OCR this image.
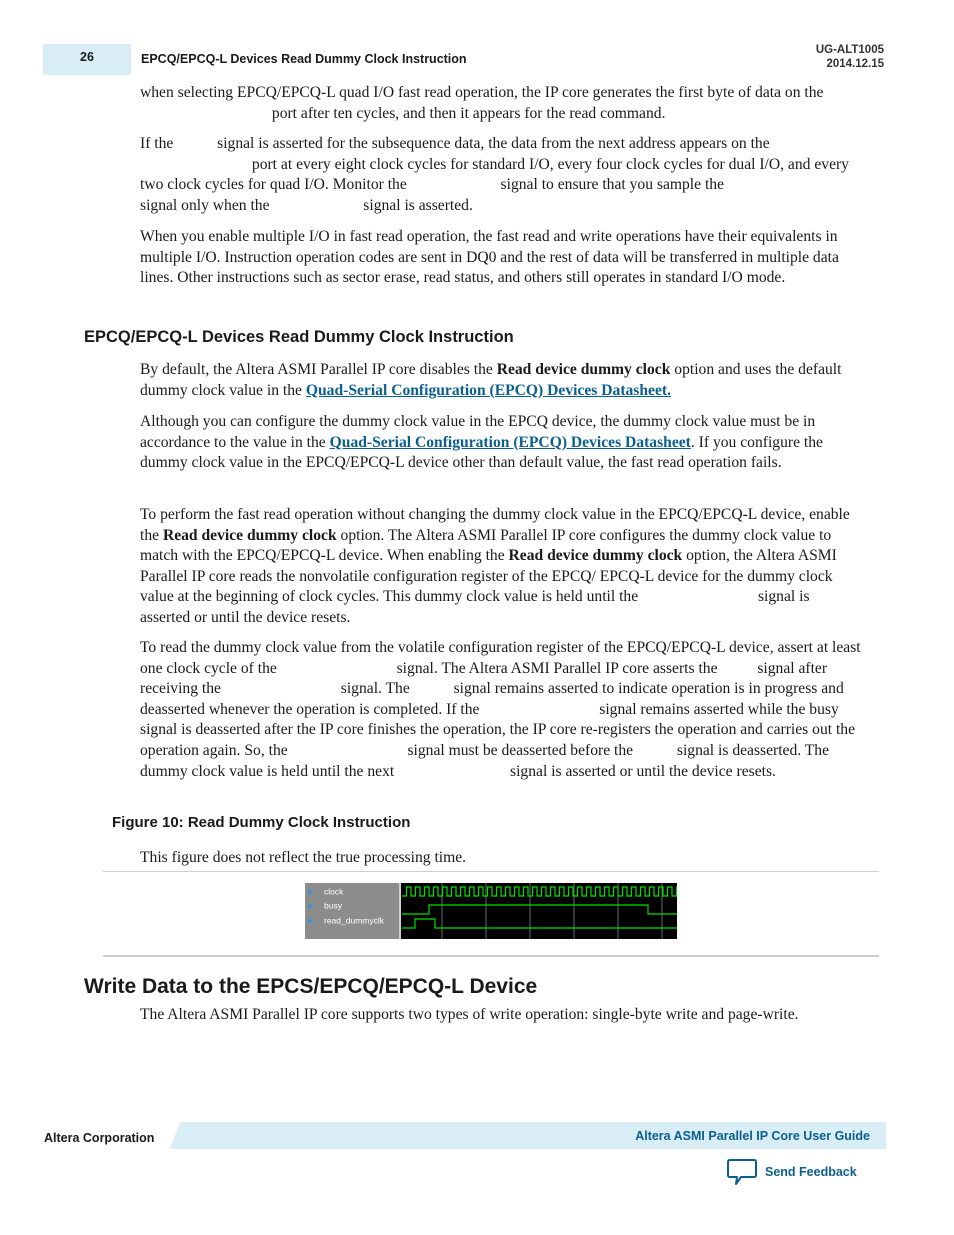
26	EPCQ/EPCQ-L Devices Read Dummy Clock Instruction
UG-ALT1005
2014.12.15

when selecting EPCQ/EPCQ-L quad I/O fast read operation, the IP core generates the first byte of data on the  port after ten cycles, and then it appears for the read command.

If the  signal is asserted for the subsequence data, the data from the next address appears on the  port at every eight clock cycles for standard I/O, every four clock cycles for dual I/O, and every two clock cycles for quad I/O. Monitor the	signal to ensure that you sample the  signal only when the	signal is asserted.

When you enable multiple I/O in fast read operation, the fast read and write operations have their equivalents in multiple I/O. Instruction operation codes are sent in DQ0 and the rest of data will be transferred in multiple data lines. Other instructions such as sector erase, read status, and others still operates in standard I/O mode.

EPCQ/EPCQ-L Devices Read Dummy Clock Instruction

By default, the Altera ASMI Parallel IP core disables the Read device dummy clock option and uses the default dummy clock value in the Quad-Serial Configuration (EPCQ) Devices Datasheet.

Although you can configure the dummy clock value in the EPCQ device, the dummy clock value must be in accordance to the value in the Quad-Serial Configuration (EPCQ) Devices Datasheet. If you configure the dummy clock value in the EPCQ/EPCQ-L device other than default value, the fast read operation fails.

To perform the fast read operation without changing the dummy clock value in the EPCQ/EPCQ-L device, enable the Read device dummy clock option. The Altera ASMI Parallel IP core configures the dummy clock value to match with the EPCQ/EPCQ-L device. When enabling the Read device dummy clock option, the Altera ASMI Parallel IP core reads the nonvolatile configuration register of the EPCQ/ EPCQ-L device for the dummy clock value at the beginning of clock cycles. This dummy clock value is held until the	signal is asserted or until the device resets.

To read the dummy clock value from the volatile configuration register of the EPCQ/EPCQ-L device, assert at least one clock cycle of the	signal. The Altera ASMI Parallel IP core asserts the  signal after receiving the	signal. The  signal remains asserted to indicate operation is in progress and deasserted whenever the operation is completed. If the	signal remains asserted while the busy signal is deasserted after the IP core finishes the operation, the IP core re-registers the operation and carries out the operation again. So, the	signal must be deasserted before the  signal is deasserted. The dummy clock value is held until the next	signal is asserted or until the device resets.

Figure 10: Read Dummy Clock Instruction
This figure does not reflect the true processing time.
clock
busy
read_dummyclk
Write Data to the EPCS/EPCQ/EPCQ-L Device

The Altera ASMI Parallel IP core supports two types of write operation: single-byte write and page-write.

Altera Corporation	Altera ASMI Parallel IP Core User Guide
Send Feedback
